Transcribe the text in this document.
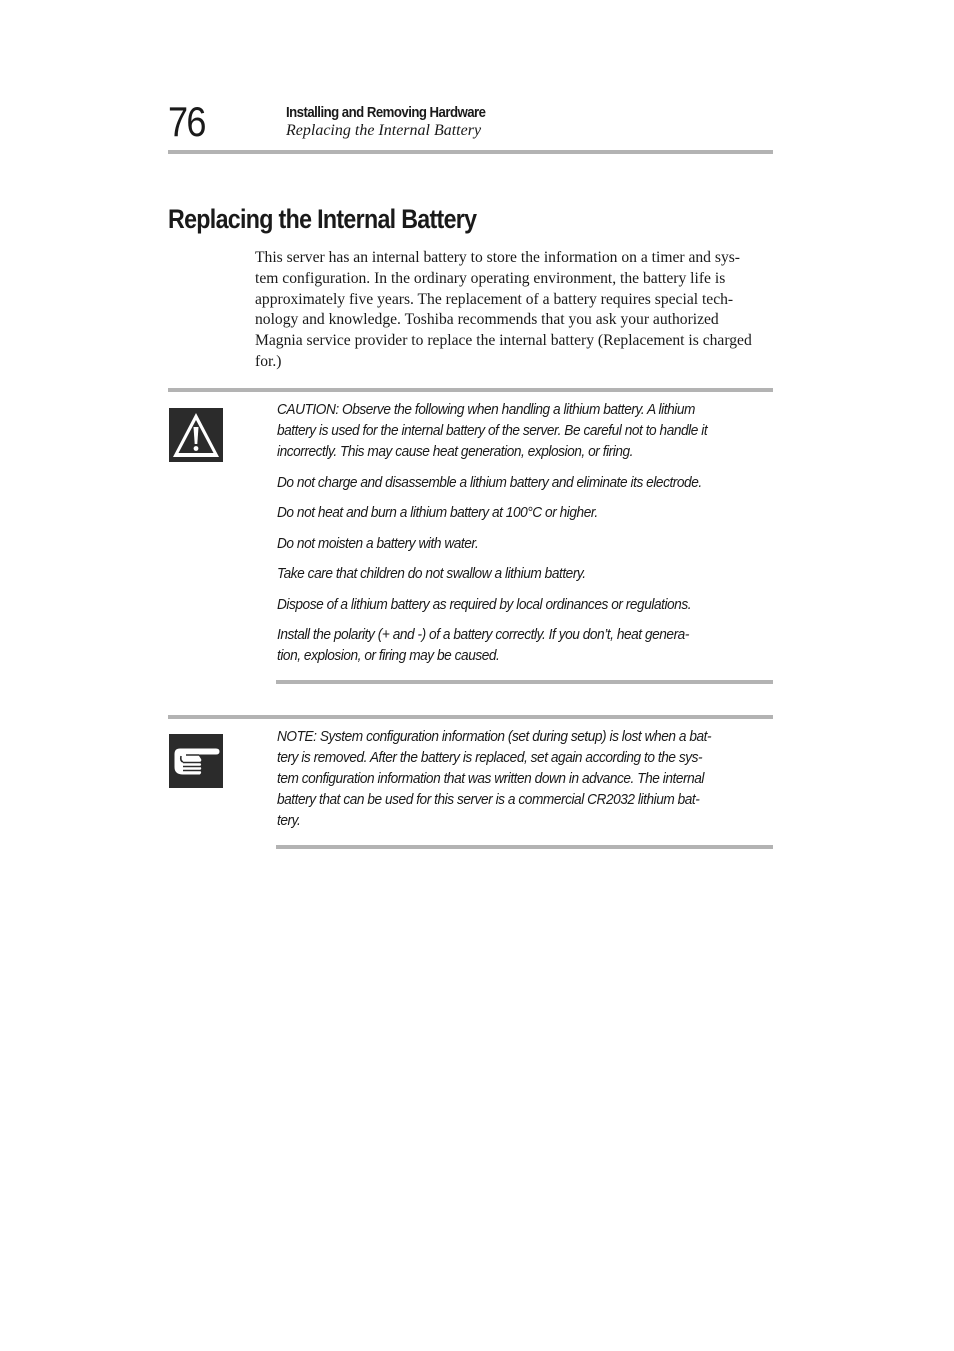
76	Installing and Removing Hardware
Replacing the Internal Battery
Replacing the Internal Battery

This server has an internal battery to store the information on a timer and sys-
tem configuration. In the ordinary operating environment, the battery life is
approximately five years. The replacement of a battery requires special tech-
nology and knowledge. Toshiba recommends that you ask your authorized
Magnia service provider to replace the internal battery (Replacement is charged
for.)

CAUTION: Observe the following when handling a lithium battery. A lithium
battery is used for the internal battery of the server. Be careful not to handle it
incorrectly. This may cause heat generation, explosion, or firing.

Do not charge and disassemble a lithium battery and eliminate its electrode.

Do not heat and burn a lithium battery at 100°C or higher.

Do not moisten a battery with water.

Take care that children do not swallow a lithium battery.

Dispose of a lithium battery as required by local ordinances or regulations.

Install the polarity (+ and -) of a battery correctly. If you don’t, heat genera-
tion, explosion, or firing may be caused.

NOTE: System configuration information (set during setup) is lost when a bat-
tery is removed. After the battery is replaced, set again according to the sys-
tem configuration information that was written down in advance. The internal
battery that can be used for this server is a commercial CR2032 lithium bat-
tery.
